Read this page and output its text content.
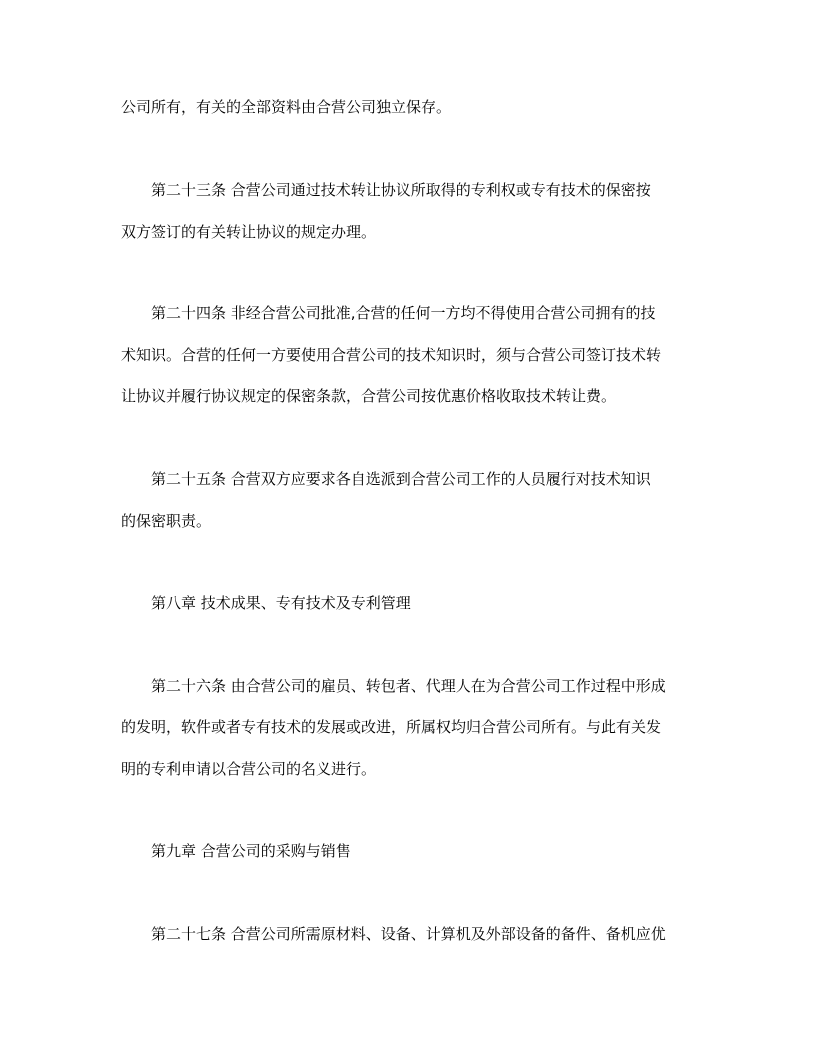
公司所有，有关的全部资料由合营公司独立保存。
第二十三条 合营公司通过技术转让协议所取得的专利权或专有技术的保密按
双方签订的有关转让协议的规定办理。
第二十四条 非经合营公司批准,合营的任何一方均不得使用合营公司拥有的技
术知识。合营的任何一方要使用合营公司的技术知识时，须与合营公司签订技术转
让协议并履行协议规定的保密条款，合营公司按优惠价格收取技术转让费。
第二十五条 合营双方应要求各自选派到合营公司工作的人员履行对技术知识
的保密职责。
第八章 技术成果、专有技术及专利管理
第二十六条 由合营公司的雇员、转包者、代理人在为合营公司工作过程中形成
的发明，软件或者专有技术的发展或改进，所属权均归合营公司所有。与此有关发
明的专利申请以合营公司的名义进行。
第九章 合营公司的采购与销售
第二十七条 合营公司所需原材料、设备、计算机及外部设备的备件、备机应优
